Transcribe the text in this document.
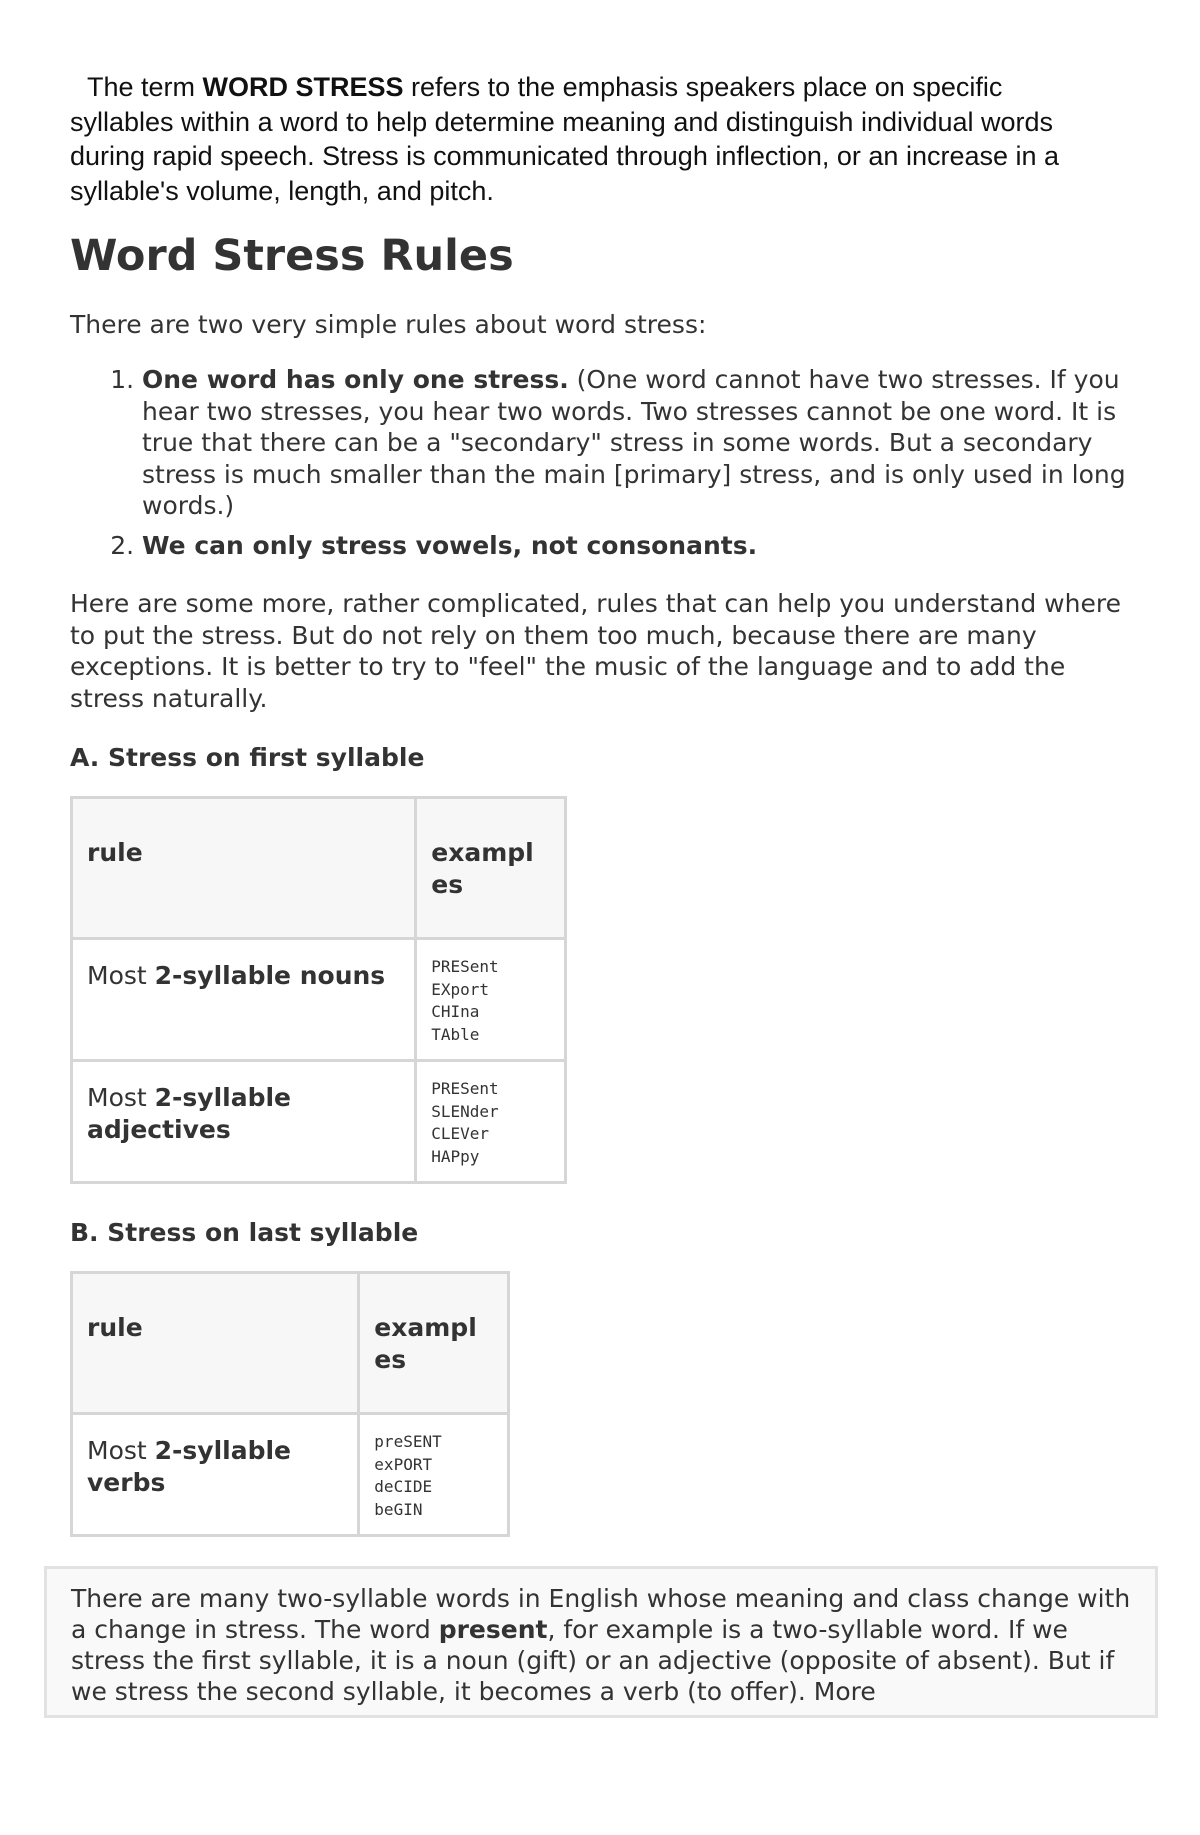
The term WORD STRESS refers to the emphasis speakers place on specific syllables within a word to help determine meaning and distinguish individual words during rapid speech. Stress is communicated through inflection, or an increase in a syllable's volume, length, and pitch.

Word Stress Rules

There are two very simple rules about word stress:

1. One word has only one stress. (One word cannot have two stresses. If you hear two stresses, you hear two words. Two stresses cannot be one word. It is true that there can be a "secondary" stress in some words. But a secondary stress is much smaller than the main [primary] stress, and is only used in long words.)
2. We can only stress vowels, not consonants.

Here are some more, rather complicated, rules that can help you understand where to put the stress. But do not rely on them too much, because there are many exceptions. It is better to try to "feel" the music of the language and to add the stress naturally.

A. Stress on first syllable
rule	exampl es
Most 2-syllable nouns	PRESent
EXport
CHIna
TAble

Most 2-syllable adjectives	PRESent
SLENder
CLEVer
HAPpy
B. Stress on last syllable
rule	exampl es
Most 2-syllable verbs	preSENT
exPORT
deCIDE
beGIN
There are many two-syllable words in English whose meaning and class change with a change in stress. The word present, for example is a two-syllable word. If we stress the first syllable, it is a noun (gift) or an adjective (opposite of absent). But if we stress the second syllable, it becomes a verb (to offer). More
